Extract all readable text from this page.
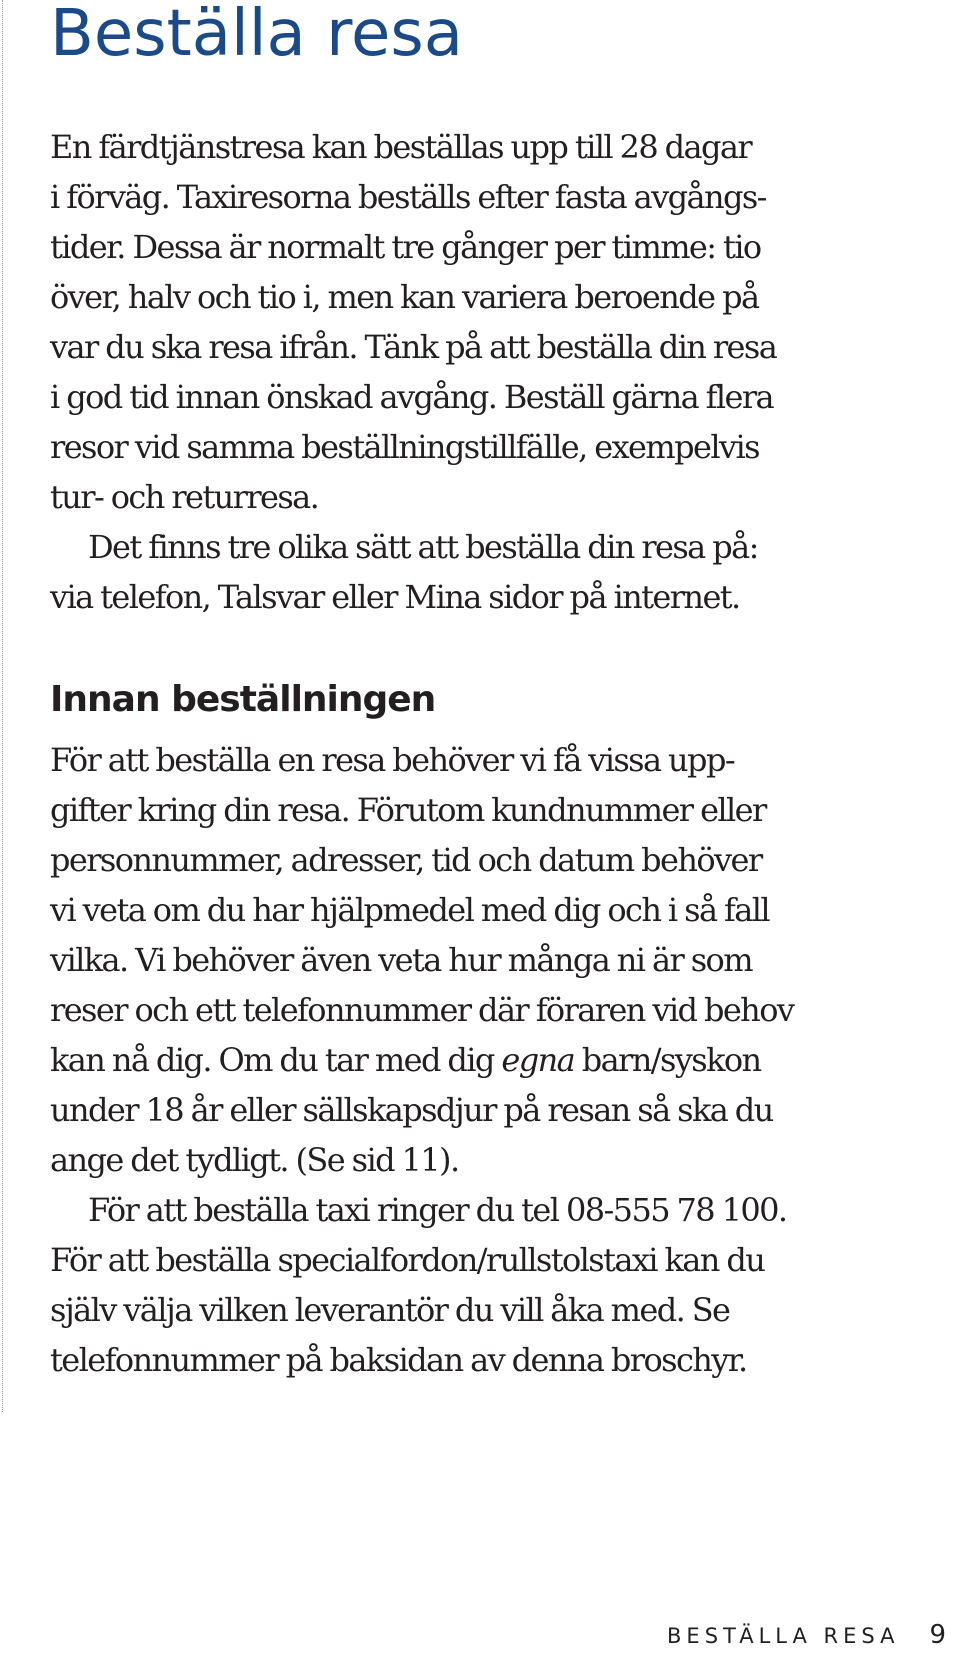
Beställa resa
En färdtjänstresa kan beställas upp till 28 dagar
i förväg. Taxiresorna beställs efter fasta avgångs-
tider. Dessa är normalt tre gånger per timme: tio
över, halv och tio i, men kan variera beroende på
var du ska resa ifrån. Tänk på att beställa din resa
i god tid innan önskad avgång. Beställ gärna flera
resor vid samma beställningstillfälle, exempelvis
tur- och returresa.
Det finns tre olika sätt att beställa din resa på:
via telefon, Talsvar eller Mina sidor på internet.
Innan beställningen
För att beställa en resa behöver vi få vissa upp-
gifter kring din resa. Förutom kundnummer eller
personnummer, adresser, tid och datum behöver
vi veta om du har hjälpmedel med dig och i så fall
vilka. Vi behöver även veta hur många ni är som
reser och ett telefonnummer där föraren vid behov
kan nå dig. Om du tar med dig egna barn/syskon
under 18 år eller sällskapsdjur på resan så ska du
ange det tydligt. (Se sid 11).
För att beställa taxi ringer du tel 08-555 78 100.
För att beställa specialfordon/rullstolstaxi kan du
själv välja vilken leverantör du vill åka med. Se
telefonnummer på baksidan av denna broschyr.
BESTÄLLA RESA 9
